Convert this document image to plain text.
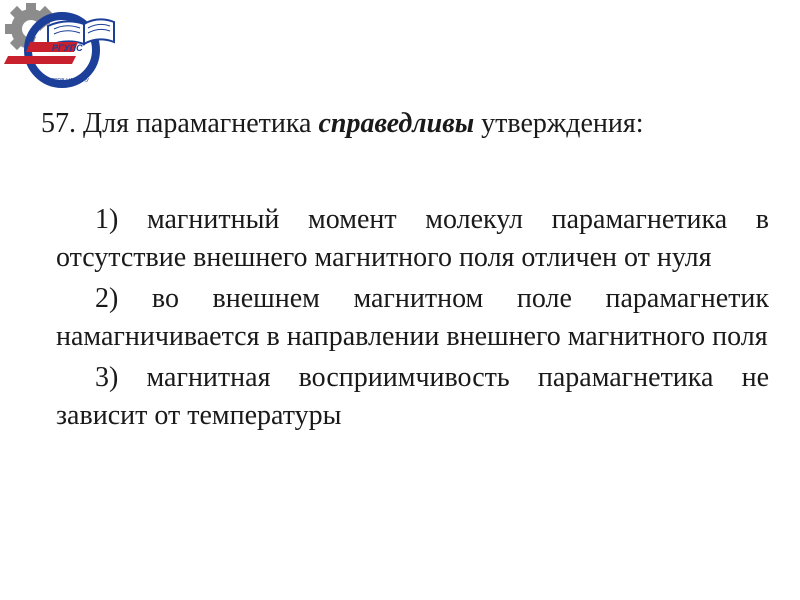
РГУПС
РОСТОВ-НА-ДОНУ
57. Для парамагнетика справедливы утверждения:

1) магнитный момент молекул парамагнетика в отсутствие внешнего магнитного поля отличен от нуля

2) во внешнем магнитном поле парамагнетик намагничивается в направлении внешнего магнитного поля

3) магнитная восприимчивость парамагнетика не зависит от температуры
